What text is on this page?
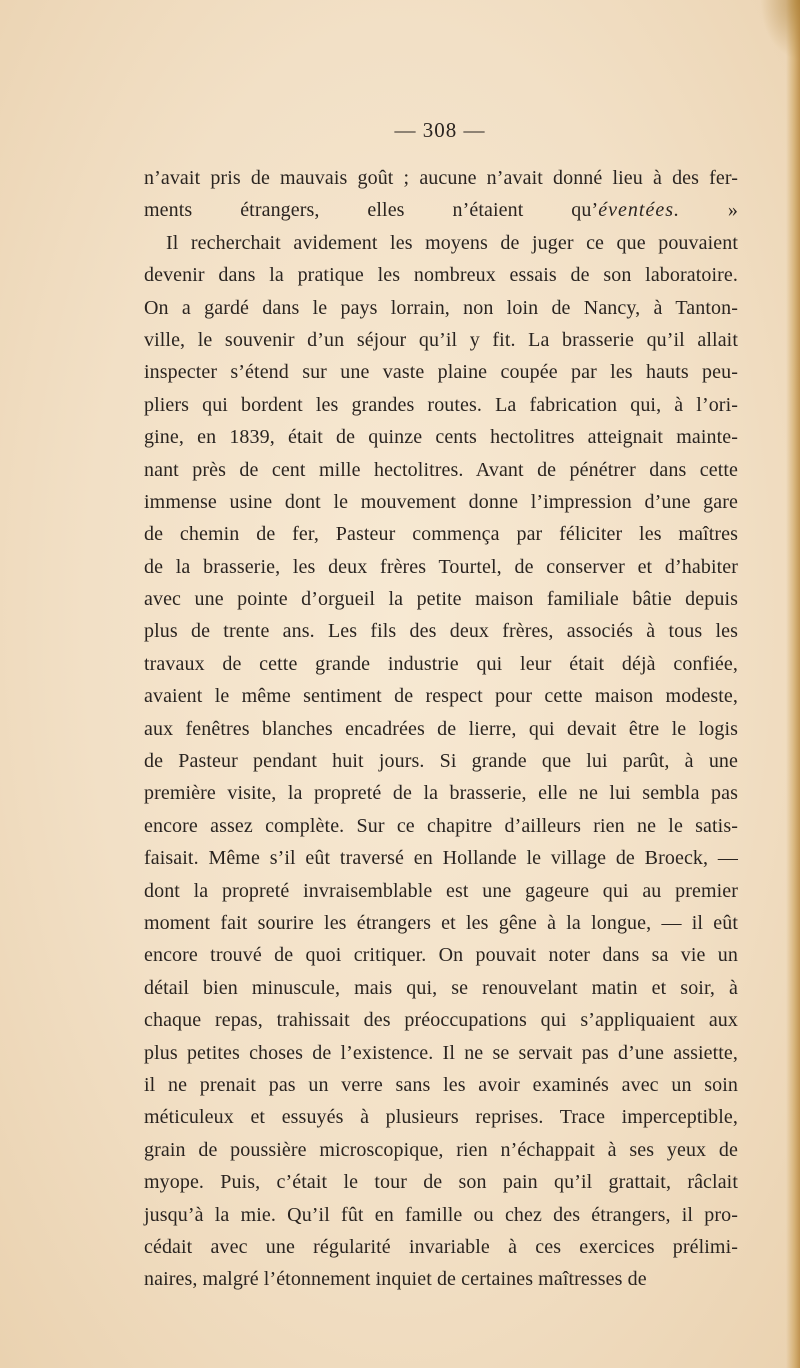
— 308 —
n’avait pris de mauvais goût ; aucune n’avait donné lieu à des fer-
ments étrangers, elles n’étaient qu’éventées. »
Il recherchait avidement les moyens de juger ce que pouvaient
devenir dans la pratique les nombreux essais de son laboratoire.
On a gardé dans le pays lorrain, non loin de Nancy, à Tanton-
ville, le souvenir d’un séjour qu’il y fit. La brasserie qu’il allait
inspecter s’étend sur une vaste plaine coupée par les hauts peu-
pliers qui bordent les grandes routes. La fabrication qui, à l’ori-
gine, en 1839, était de quinze cents hectolitres atteignait mainte-
nant près de cent mille hectolitres. Avant de pénétrer dans cette
immense usine dont le mouvement donne l’impression d’une gare
de chemin de fer, Pasteur commença par féliciter les maîtres
de la brasserie, les deux frères Tourtel, de conserver et d’habiter
avec une pointe d’orgueil la petite maison familiale bâtie depuis
plus de trente ans. Les fils des deux frères, associés à tous les
travaux de cette grande industrie qui leur était déjà confiée,
avaient le même sentiment de respect pour cette maison modeste,
aux fenêtres blanches encadrées de lierre, qui devait être le logis
de Pasteur pendant huit jours. Si grande que lui parût, à une
première visite, la propreté de la brasserie, elle ne lui sembla pas
encore assez complète. Sur ce chapitre d’ailleurs rien ne le satis-
faisait. Même s’il eût traversé en Hollande le village de Broeck, —
dont la propreté invraisemblable est une gageure qui au premier
moment fait sourire les étrangers et les gêne à la longue, — il eût
encore trouvé de quoi critiquer. On pouvait noter dans sa vie un
détail bien minuscule, mais qui, se renouvelant matin et soir, à
chaque repas, trahissait des préoccupations qui s’appliquaient aux
plus petites choses de l’existence. Il ne se servait pas d’une assiette,
il ne prenait pas un verre sans les avoir examinés avec un soin
méticuleux et essuyés à plusieurs reprises. Trace imperceptible,
grain de poussière microscopique, rien n’échappait à ses yeux de
myope. Puis, c’était le tour de son pain qu’il grattait, râclait
jusqu’à la mie. Qu’il fût en famille ou chez des étrangers, il pro-
cédait avec une régularité invariable à ces exercices prélimi-
naires, malgré l’étonnement inquiet de certaines maîtresses de
